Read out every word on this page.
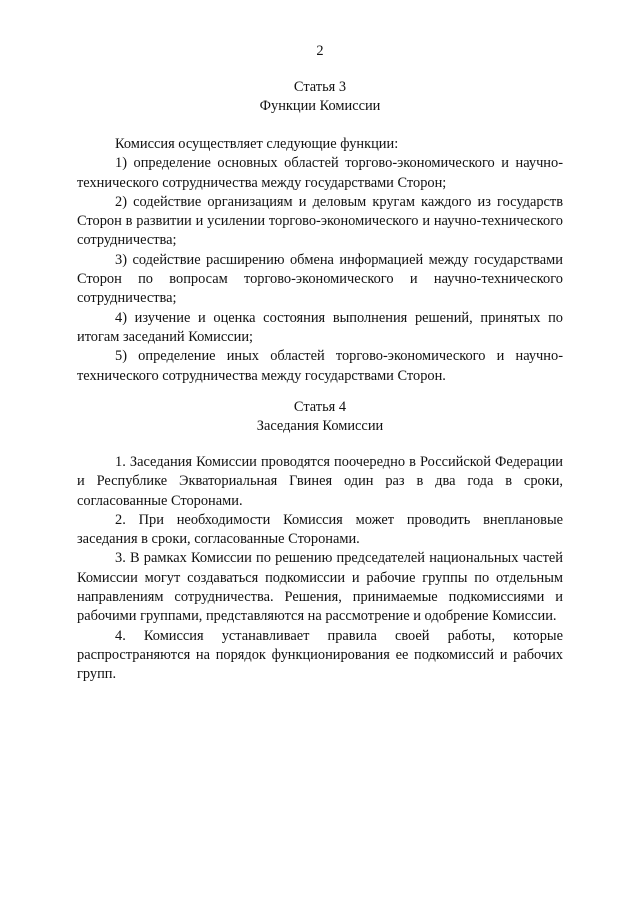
2

Статья 3

Функции Комиссии

Комиссия осуществляет следующие функции:

1) определение основных областей торгово-экономического и научно-технического сотрудничества между государствами Сторон;

2) содействие организациям и деловым кругам каждого из государств Сторон в развитии и усилении торгово-экономического и научно-технического сотрудничества;

3) содействие расширению обмена информацией между государствами Сторон по вопросам торгово-экономического и научно-технического сотрудничества;

4) изучение и оценка состояния выполнения решений, принятых по итогам заседаний Комиссии;

5) определение иных областей торгово-экономического и научно-технического сотрудничества между государствами Сторон.

Статья 4

Заседания Комиссии

1. Заседания Комиссии проводятся поочередно в Российской Федерации и Республике Экваториальная Гвинея один раз в два года в сроки, согласованные Сторонами.

2. При необходимости Комиссия может проводить внеплановые заседания в сроки, согласованные Сторонами.

3. В рамках Комиссии по решению председателей национальных частей Комиссии могут создаваться подкомиссии и рабочие группы по отдельным направлениям сотрудничества. Решения, принимаемые подкомиссиями и рабочими группами, представляются на рассмотрение и одобрение Комиссии.

4. Комиссия устанавливает правила своей работы, которые распространяются на порядок функционирования ее подкомиссий и рабочих групп.
